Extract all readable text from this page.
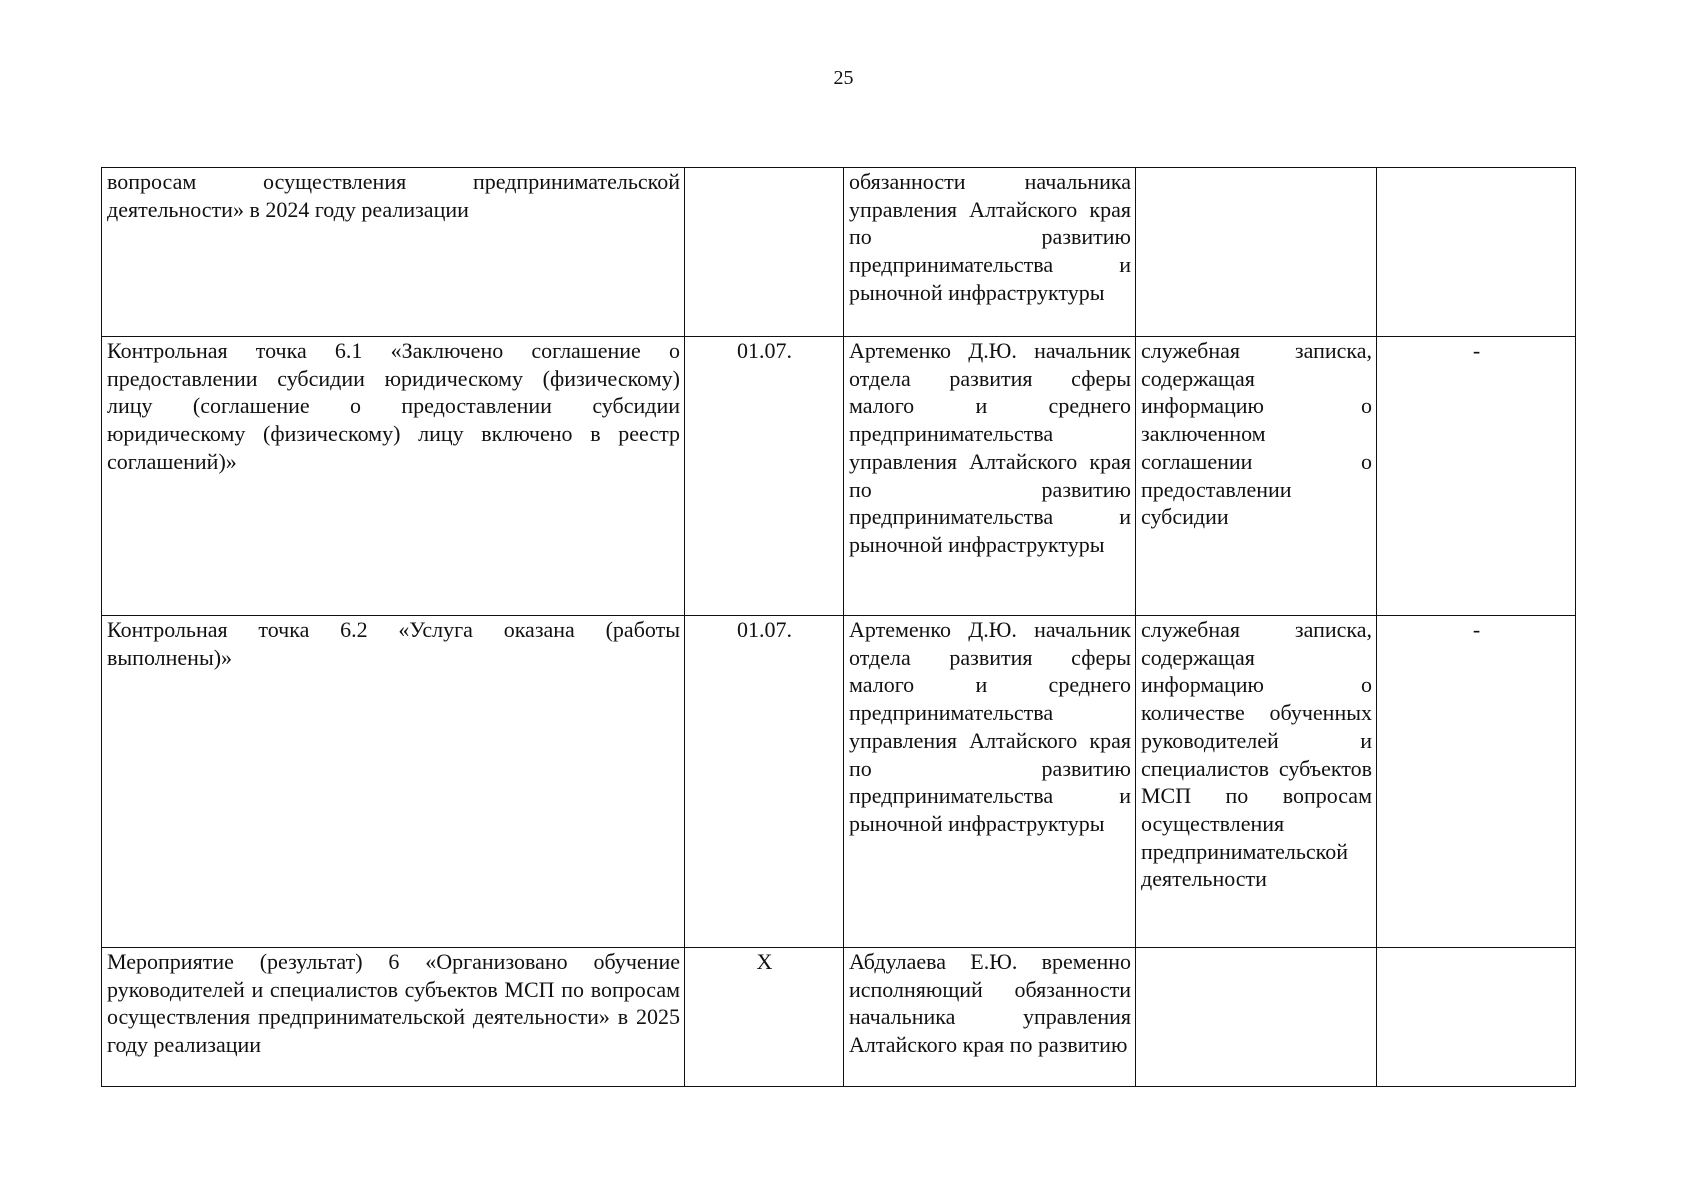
25
вопросам осуществления предпринимательской деятельности» в 2024 году реализации		обязанности начальника управления Алтайского края по развитию предпринимательства и рыночной инфраструктуры		
Контрольная точка 6.1 «Заключено соглашение о предоставлении субсидии юридическому (физическому) лицу (соглашение о предоставлении субсидии юридическому (физическому) лицу включено в реестр соглашений)»	01.07.	Артеменко Д.Ю. начальник отдела развития сферы малого и среднего предпринимательства управления Алтайского края по развитию предпринимательства и рыночной инфраструктуры	служебная записка, содержащая информацию о заключенном соглашении о предоставлении субсидии	-
Контрольная точка 6.2 «Услуга оказана (работы выполнены)»	01.07.	Артеменко Д.Ю. начальник отдела развития сферы малого и среднего предпринимательства управления Алтайского края по развитию предпринимательства и рыночной инфраструктуры	служебная записка, содержащая информацию о количестве обученных руководителей и специалистов субъектов МСП по вопросам осуществления предпринимательской деятельности	-
Мероприятие (результат) 6 «Организовано обучение руководителей и специалистов субъектов МСП по вопросам осуществления предпринимательской деятельности» в 2025 году реализации	X	Абдулаева Е.Ю. временно исполняющий обязанности начальника управления Алтайского края по развитию		
